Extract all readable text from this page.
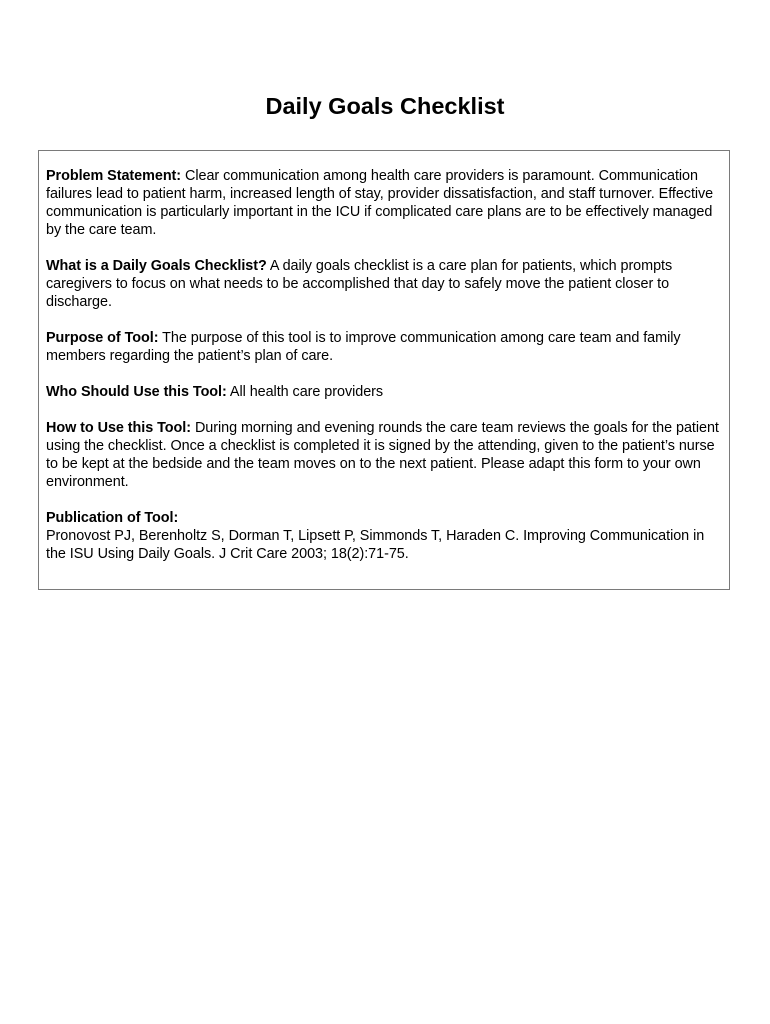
Daily Goals Checklist

Problem Statement: Clear communication among health care providers is paramount. Communication failures lead to patient harm, increased length of stay, provider dissatisfaction, and staff turnover. Effective communication is particularly important in the ICU if complicated care plans are to be effectively managed by the care team.

What is a Daily Goals Checklist? A daily goals checklist is a care plan for patients, which prompts caregivers to focus on what needs to be accomplished that day to safely move the patient closer to discharge.

Purpose of Tool: The purpose of this tool is to improve communication among care team and family members regarding the patient’s plan of care.

Who Should Use this Tool: All health care providers

How to Use this Tool: During morning and evening rounds the care team reviews the goals for the patient using the checklist. Once a checklist is completed it is signed by the attending, given to the patient’s nurse to be kept at the bedside and the team moves on to the next patient. Please adapt this form to your own environment.

Publication of Tool:
Pronovost PJ, Berenholtz S, Dorman T, Lipsett P, Simmonds T, Haraden C. Improving Communication in the ISU Using Daily Goals. J Crit Care 2003; 18(2):71-75.
